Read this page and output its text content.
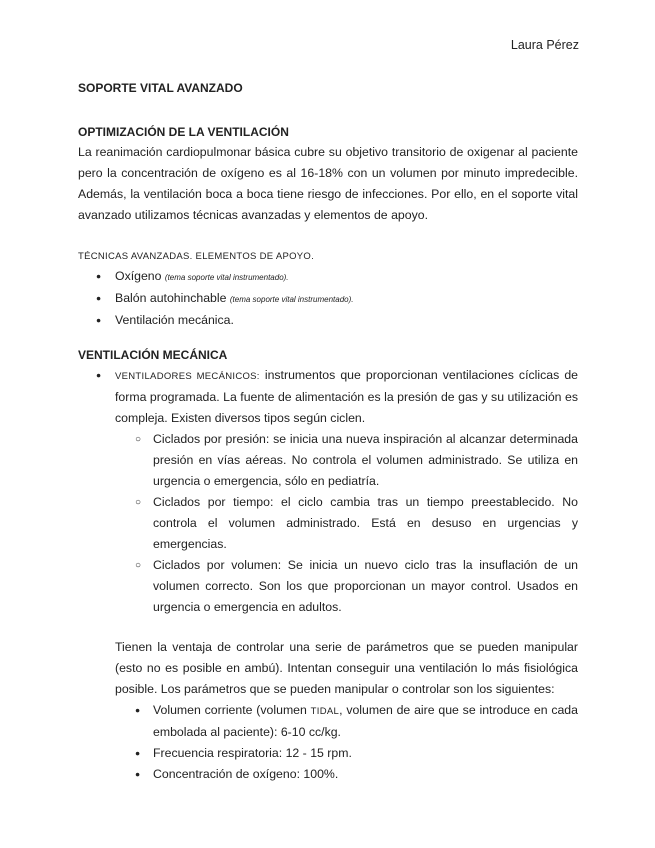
Laura Pérez
SOPORTE VITAL AVANZADO
OPTIMIZACIÓN DE LA VENTILACIÓN

La reanimación cardiopulmonar básica cubre su objetivo transitorio de oxigenar al paciente pero la concentración de oxígeno es al 16-18% con un volumen por minuto impredecible. Además, la ventilación boca a boca tiene riesgo de infecciones. Por ello, en el soporte vital avanzado utilizamos técnicas avanzadas y elementos de apoyo.

TÉCNICAS AVANZADAS. ELEMENTOS DE APOYO.
● Oxígeno (tema soporte vital instrumentado).
● Balón autohinchable (tema soporte vital instrumentado).
● Ventilación mecánica.
VENTILACIÓN MECÁNICA
● VENTILADORES MECÁNICOS: instrumentos que proporcionan ventilaciones cíclicas de forma programada. La fuente de alimentación es la presión de gas y su utilización es compleja. Existen diversos tipos según ciclen.
○ Ciclados por presión: se inicia una nueva inspiración al alcanzar determinada presión en vías aéreas. No controla el volumen administrado. Se utiliza en urgencia o emergencia, sólo en pediatría.
○ Ciclados por tiempo: el ciclo cambia tras un tiempo preestablecido. No controla el volumen administrado. Está en desuso en urgencias y emergencias.
○ Ciclados por volumen: Se inicia un nuevo ciclo tras la insuflación de un volumen correcto. Son los que proporcionan un mayor control. Usados en urgencia o emergencia en adultos.

Tienen la ventaja de controlar una serie de parámetros que se pueden manipular (esto no es posible en ambú). Intentan conseguir una ventilación lo más fisiológica posible. Los parámetros que se pueden manipular o controlar son los siguientes:

● Volumen corriente (volumen TIDAL, volumen de aire que se introduce en cada embolada al paciente): 6-10 cc/kg.
● Frecuencia respiratoria: 12 - 15 rpm.
● Concentración de oxígeno: 100%.
